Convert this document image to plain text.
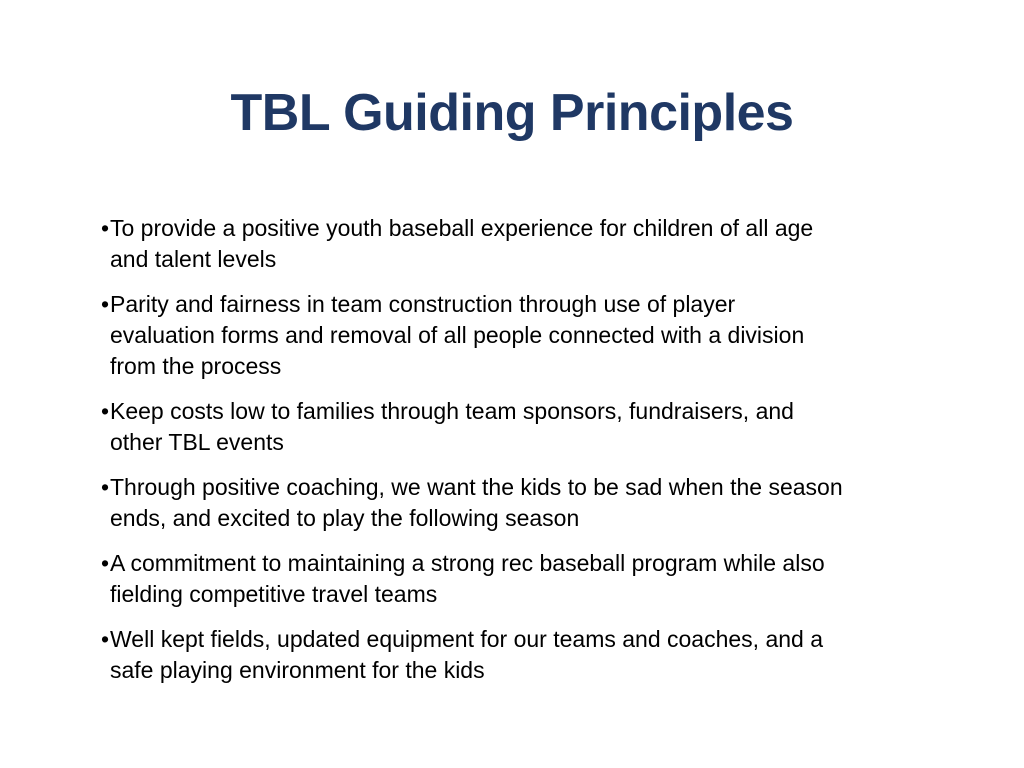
TBL Guiding Principles
• To provide a positive youth baseball experience for children of all age
and talent levels
• Parity and fairness in team construction through use of player
evaluation forms and removal of all people connected with a division
from the process
• Keep costs low to families through team sponsors, fundraisers, and
other TBL events
• Through positive coaching, we want the kids to be sad when the season
ends, and excited to play the following season
• A commitment to maintaining a strong rec baseball program while also
fielding competitive travel teams
• Well kept fields, updated equipment for our teams and coaches, and a
safe playing environment for the kids
